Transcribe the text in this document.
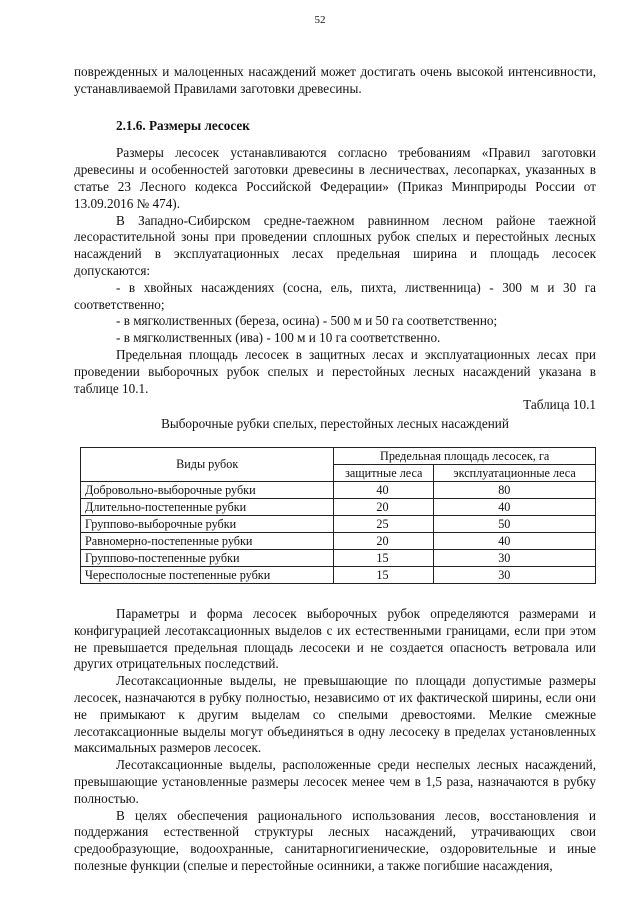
52

поврежденных и малоценных насаждений может достигать очень высокой интенсивности, устанавливаемой Правилами заготовки древесины.

2.1.6. Размеры лесосек

Размеры лесосек устанавливаются согласно требованиям «Правил заготовки древесины и особенностей заготовки древесины в лесничествах, лесопарках, указанных в статье 23 Лесного кодекса Российской Федерации» (Приказ Минприроды России от 13.09.2016 № 474).

В Западно-Сибирском средне-таежном равнинном лесном районе таежной лесорастительной зоны при проведении сплошных рубок спелых и перестойных лесных насаждений в эксплуатационных лесах предельная ширина и площадь лесосек допускаются:

- в хвойных насаждениях (сосна, ель, пихта, лиственница) - 300 м и 30 га соответственно;

- в мягколиственных (береза, осина) - 500 м и 50 га соответственно;

- в мягколиственных (ива) - 100 м и 10 га соответственно.

Предельная площадь лесосек в защитных лесах и эксплуатационных лесах при проведении выборочных рубок спелых и перестойных лесных насаждений указана в таблице 10.1.

Таблица 10.1
Выборочные рубки спелых, перестойных лесных насаждений
Виды рубок	Предельная площадь лесосек, га	
	защитные леса	эксплуатационные леса
Добровольно-выборочные рубки	40	80
Длительно-постепенные рубки	20	40
Группово-выборочные рубки	25	50
Равномерно-постепенные рубки	20	40
Группово-постепенные рубки	15	30
Чересполосные постепенные рубки	15	30

Параметры и форма лесосек выборочных рубок определяются размерами и конфигурацией лесотаксационных выделов с их естественными границами, если при этом не превышается предельная площадь лесосеки и не создается опасность ветровала или других отрицательных последствий.

Лесотаксационные выделы, не превышающие по площади допустимые размеры лесосек, назначаются в рубку полностью, независимо от их фактической ширины, если они не примыкают к другим выделам со спелыми древостоями. Мелкие смежные лесотаксационные выделы могут объединяться в одну лесосеку в пределах установленных максимальных размеров лесосек.

Лесотаксационные выделы, расположенные среди неспелых лесных насаждений, превышающие установленные размеры лесосек менее чем в 1,5 раза, назначаются в рубку полностью.

В целях обеспечения рационального использования лесов, восстановления и поддержания естественной структуры лесных насаждений, утрачивающих свои средообразующие, водоохранные, санитарногигиенические, оздоровительные и иные полезные функции (спелые и перестойные осинники, а также погибшие насаждения,
